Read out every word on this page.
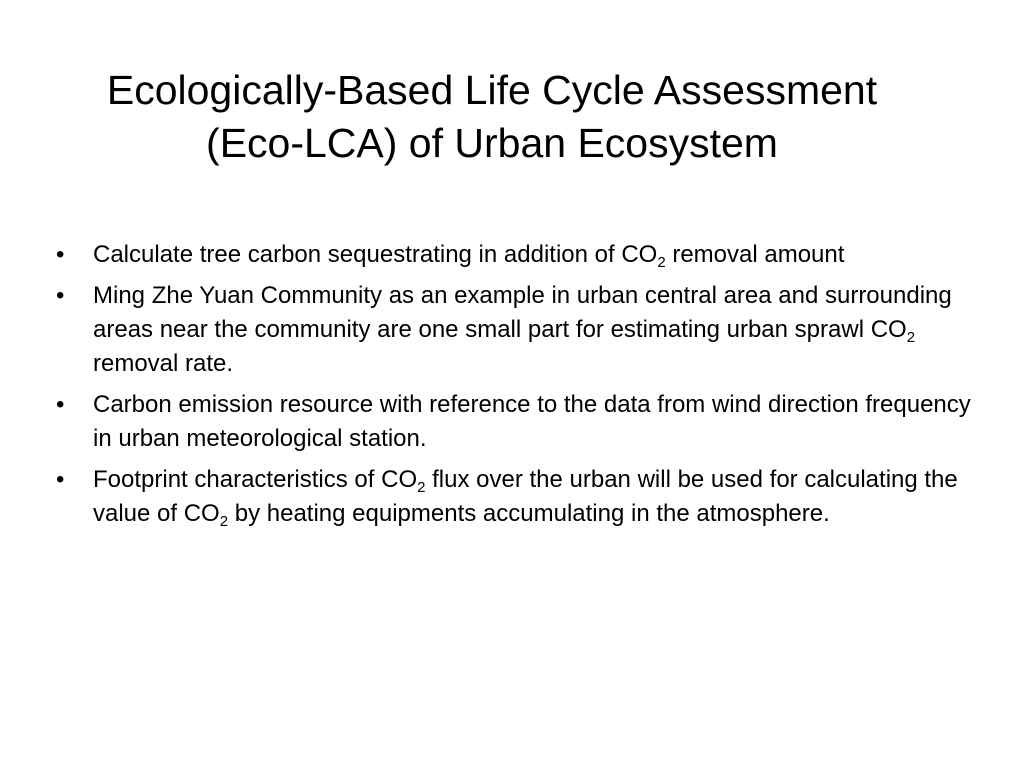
Ecologically-Based Life Cycle Assessment
(Eco-LCA) of Urban Ecosystem
•	Calculate tree carbon sequestrating in addition of $CO_2$ removal amount
•	Ming Zhe Yuan Community as an example in urban central area and surrounding areas near the community are one small part for estimating urban sprawl $CO_2$ removal rate.
•	Carbon emission resource with reference to the data from wind direction frequency in urban meteorological station.
•	Footprint characteristics of $CO_2$ flux over the urban will be used for calculating the value of $CO_2$ by heating equipments accumulating in the atmosphere.
